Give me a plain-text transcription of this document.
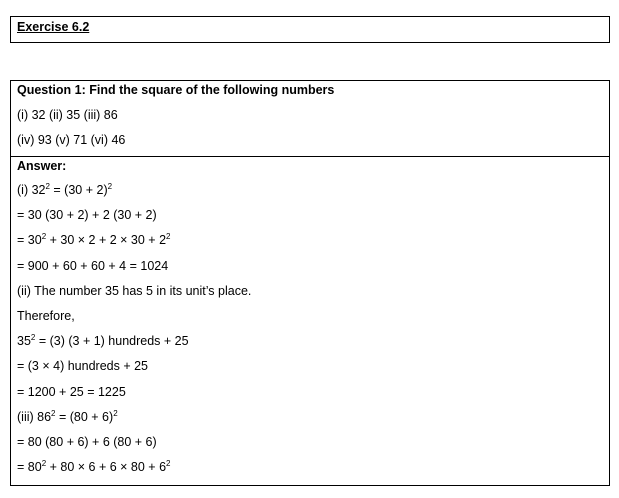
Exercise 6.2
Question 1: Find the square of the following numbers
(i) 32 (ii) 35 (iii) 86
(iv) 93 (v) 71 (vi) 46
Answer:
(i) $32^2 = (30 + 2)^2$
= 30 (30 + 2) + 2 (30 + 2)
= $30^2 + 30 \times 2 + 2 \times 30 + 2^2$
= 900 + 60 + 60 + 4 = 1024
(ii) The number 35 has 5 in its unit’s place.
Therefore,
$35^2 = (3) (3 + 1)$ hundreds + 25
= (3 × 4) hundreds + 25
= 1200 + 25 = 1225
(iii) $86^2 = (80 + 6)^2$
= 80 (80 + 6) + 6 (80 + 6)
= $80^2 + 80 \times 6 + 6 \times 80 + 6^2$
